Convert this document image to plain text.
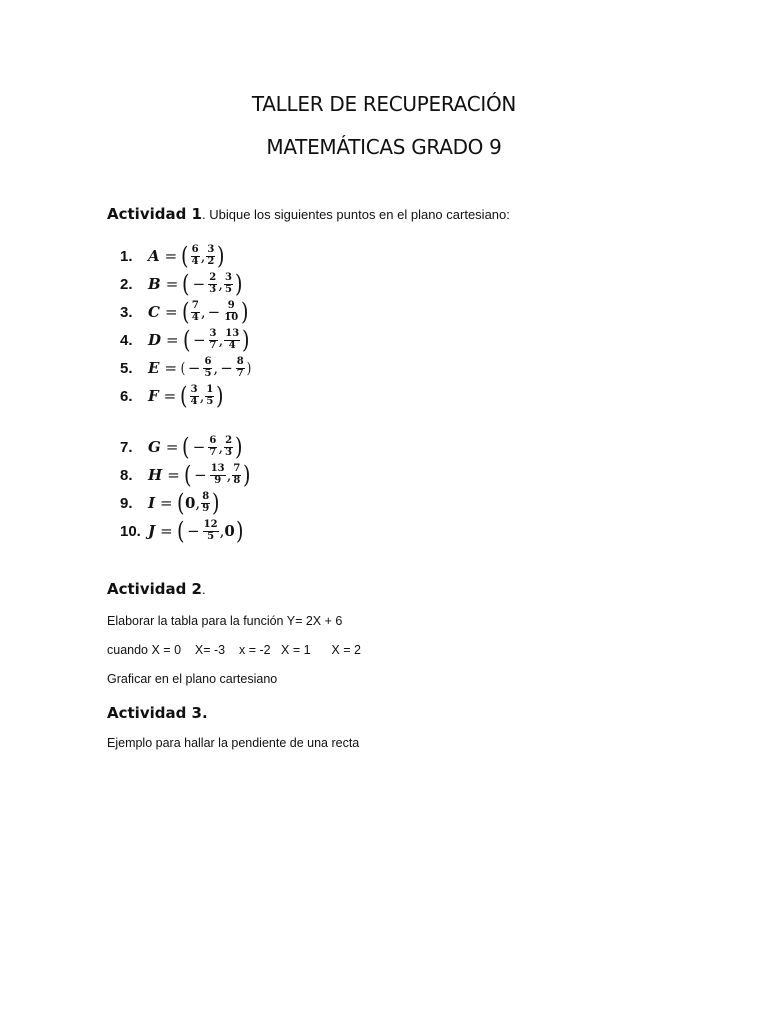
TALLER DE RECUPERACIÓN
MATEMÁTICAS GRADO 9
Actividad 1. Ubique los siguientes puntos en el plano cartesiano:
1.	A = ( $\frac{6}{4}$ , $\frac{3}{2}$ )
2.	B = ( − $\frac{2}{3}$ , $\frac{3}{5}$ )
3.	C = ( $\frac{7}{4}$ , − $\frac{9}{10}$ )
4.	D = ( − $\frac{3}{7}$ , $\frac{13}{4}$ )
5.	E = ( − $\frac{6}{5}$ , − $\frac{8}{7}$ )
6.	F = ( $\frac{3}{4}$ , $\frac{1}{5}$ )
7.	G = ( − $\frac{6}{7}$ , $\frac{2}{3}$ )
8.	H = ( − $\frac{13}{9}$ , $\frac{7}{8}$ )
9.	I = ( 0 , $\frac{8}{9}$ )
10. J = ( − $\frac{12}{5}$ , 0 )
Actividad 2.
Elaborar la tabla para la función Y= 2X + 6
cuando X = 0    X= -3    x = -2   X = 1      X = 2
Graficar en el plano cartesiano
Actividad 3.
Ejemplo para hallar la pendiente de una recta
